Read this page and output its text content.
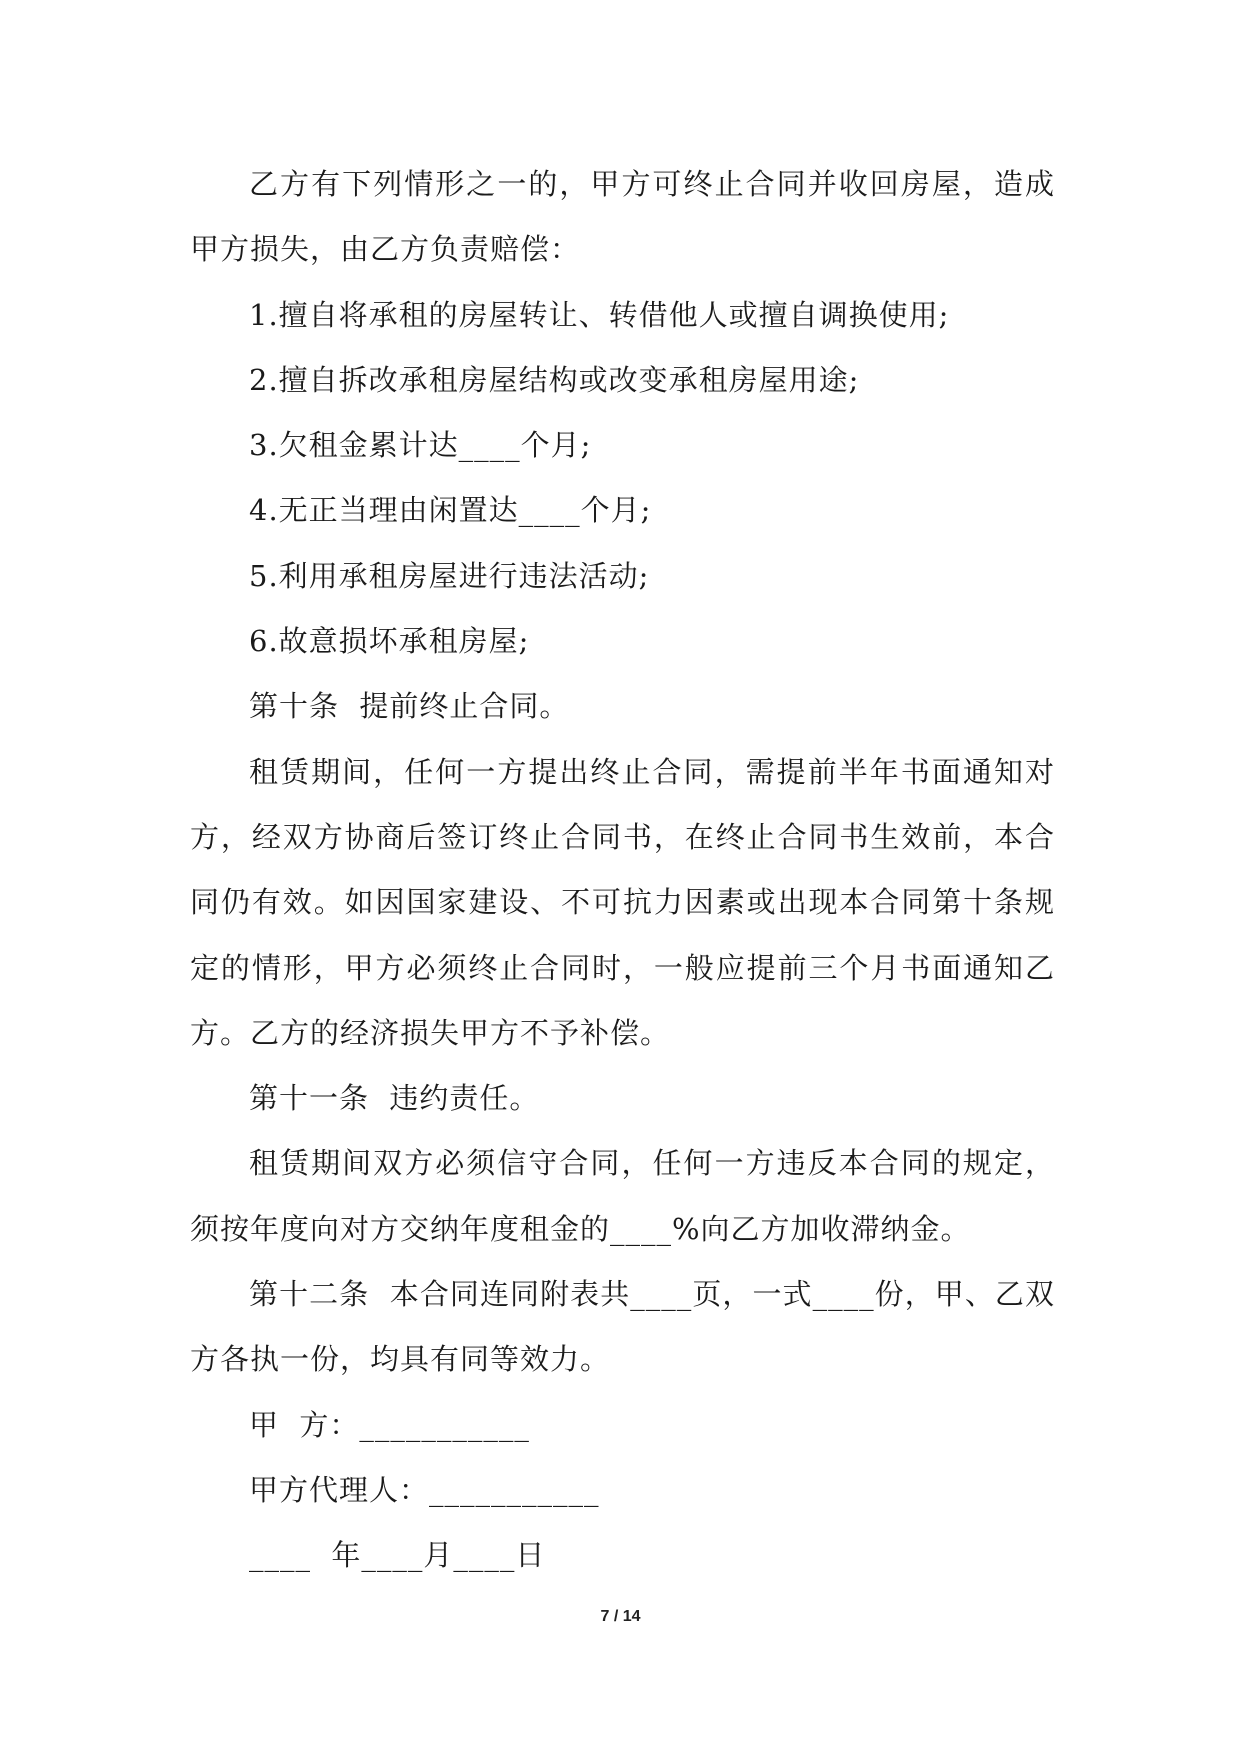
乙方有下列情形之一的，甲方可终止合同并收回房屋，造成甲方损失，由乙方负责赔偿：

1.擅自将承租的房屋转让、转借他人或擅自调换使用;

2.擅自拆改承租房屋结构或改变承租房屋用途;

3.欠租金累计达____个月;

4.无正当理由闲置达____个月;

5.利用承租房屋进行违法活动;

6.故意损坏承租房屋;

第十条  提前终止合同。

租赁期间，任何一方提出终止合同，需提前半年书面通知对方，经双方协商后签订终止合同书，在终止合同书生效前，本合同仍有效。如因国家建设、不可抗力因素或出现本合同第十条规定的情形，甲方必须终止合同时，一般应提前三个月书面通知乙方。乙方的经济损失甲方不予补偿。

第十一条  违约责任。

租赁期间双方必须信守合同，任何一方违反本合同的规定，须按年度向对方交纳年度租金的____%向乙方加收滞纳金。

第十二条  本合同连同附表共____页，一式____份，甲、乙双方各执一份，均具有同等效力。

甲  方：___________

甲方代理人：___________

____  年____月____日

7 / 14
